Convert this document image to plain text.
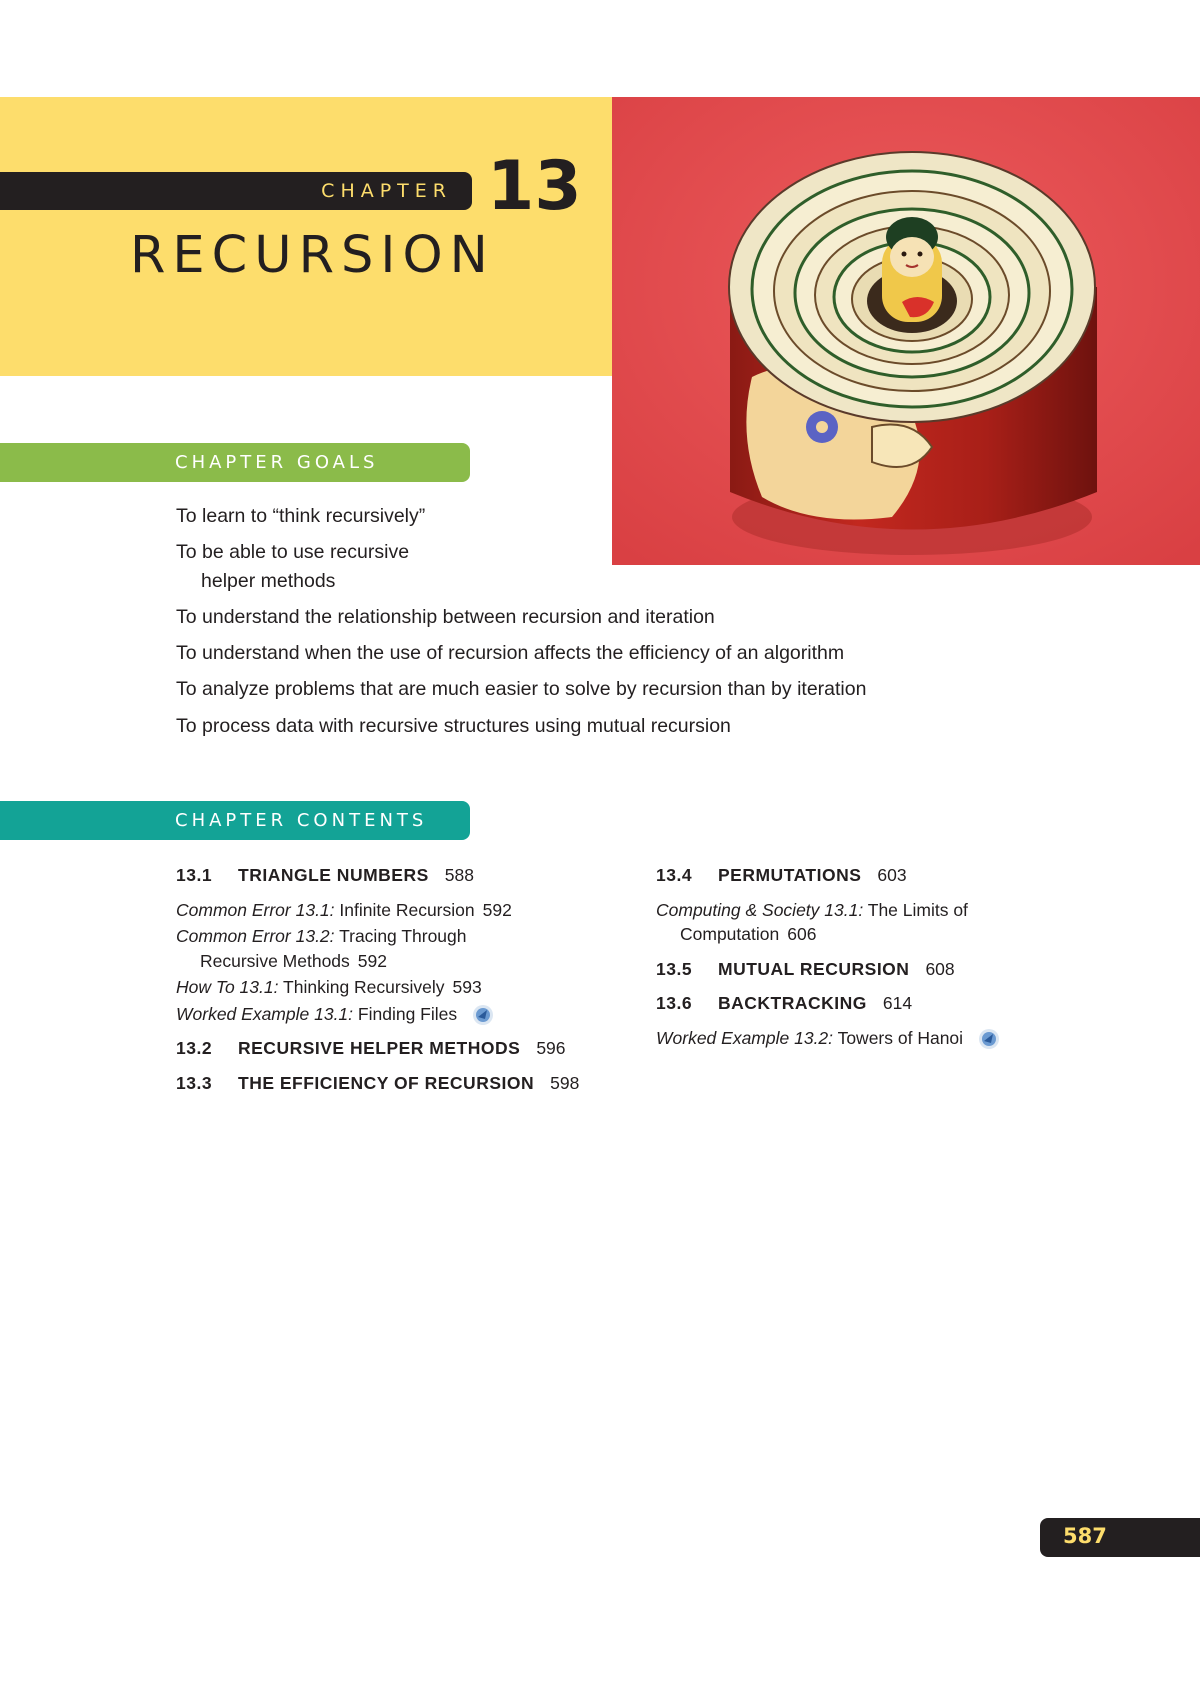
CHAPTER 13
RECURSION
CHAPTER GOALS
To learn to “think recursively”
To be able to use recursive
helper methods
To understand the relationship between recursion and iteration
To understand when the use of recursion affects the efficiency of an algorithm
To analyze problems that are much easier to solve by recursion than by iteration
To process data with recursive structures using mutual recursion
CHAPTER CONTENTS
13.1 TRIANGLE NUMBERS 588
Common Error 13.1: Infinite Recursion 592
Common Error 13.2: Tracing Through
Recursive Methods 592
How To 13.1: Thinking Recursively 593
Worked Example 13.1: Finding Files
13.2 RECURSIVE HELPER METHODS 596
13.3 THE EFFICIENCY OF RECURSION 598
13.4 PERMUTATIONS 603
Computing & Society 13.1: The Limits of
Computation 606
13.5 MUTUAL RECURSION 608
13.6 BACKTRACKING 614
Worked Example 13.2: Towers of Hanoi
587
